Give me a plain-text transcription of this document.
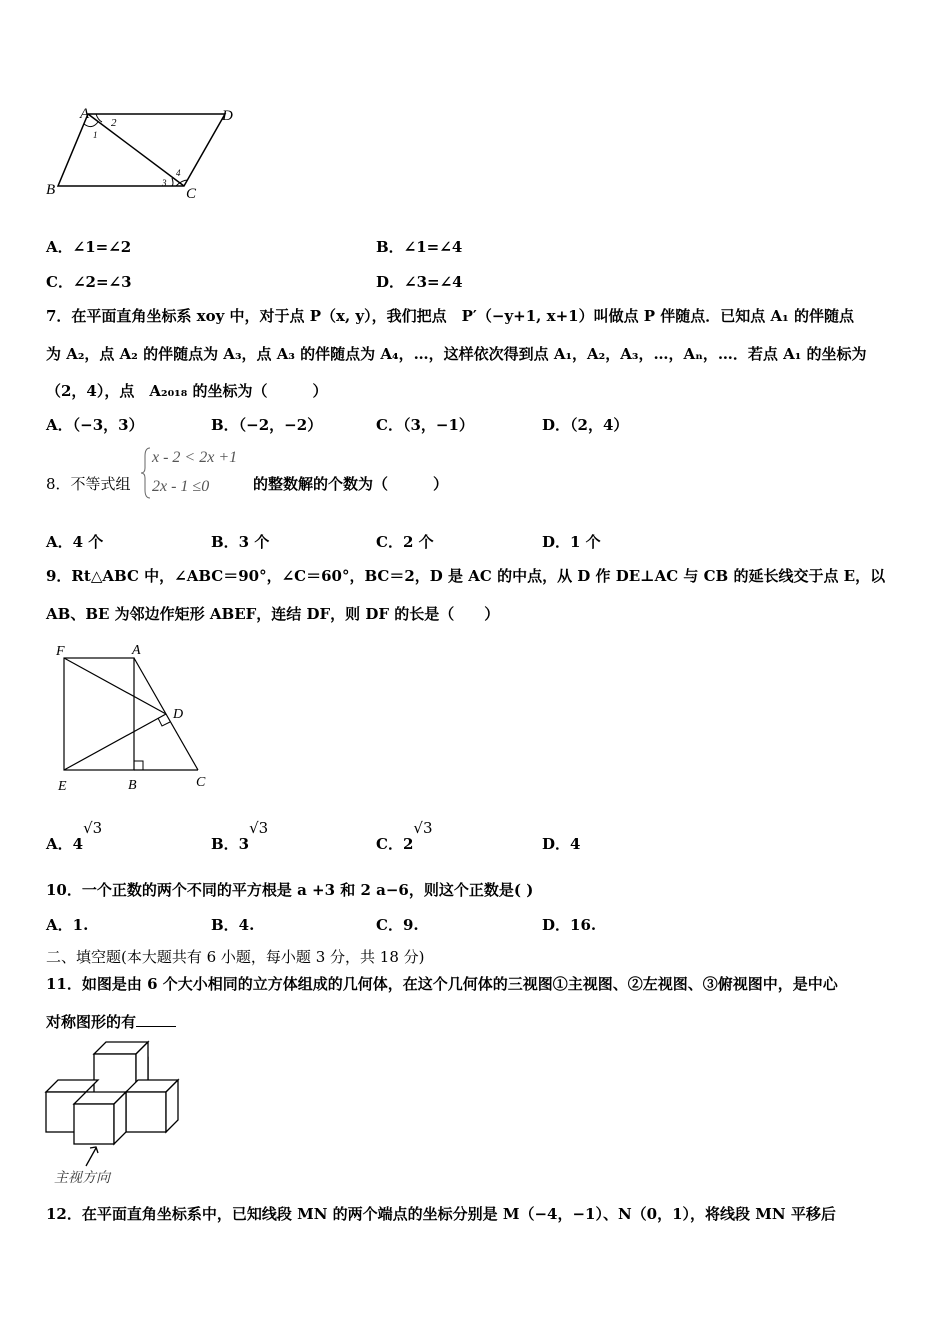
A	D
B	C
1
2
3
4
A．∠1=∠2	B．∠1=∠4
C．∠2=∠3	D．∠3=∠4
7．在平面直角坐标系 xoy 中，对于点 P（x, y），我们把点　P′（−y+1, x+1）叫做点 P 伴随点．已知点 A₁ 的伴随点
为 A₂，点 A₂ 的伴随点为 A₃，点 A₃ 的伴随点为 A₄，…，这样依次得到点 A₁，A₂，A₃，…，Aₙ，…．若点 A₁ 的坐标为
（2，4），点　A₂₀₁₈ 的坐标为（　　　）
A．（−3，3）	B．（−2，−2）	C．（3，−1）	D．（2，4）
8．不等式组
x - 2 < 2x +1
2x - 1 ≤0	的整数解的个数为（　　　）
A．4 个	B．3 个	C．2 个	D．1 个
9．Rt△ABC 中，∠ABC＝90°，∠C＝60°，BC＝2，D 是 AC 的中点，从 D 作 DE⊥AC 与 CB 的延长线交于点 E，以
AB、BE 为邻边作矩形 ABEF，连结 DF，则 DF 的长是（　　）
F	A
D
E	B	C
A．4√3
B．3√3
C．2√3
D．4
10．一个正数的两个不同的平方根是 a +3 和 2 a−6，则这个正数是( )
A．1.	B．4.	C．9.	D．16.
二、填空题(本大题共有 6 小题，每小题 3 分，共 18 分)
11．如图是由 6 个大小相同的立方体组成的几何体，在这个几何体的三视图①主视图、②左视图、③俯视图中，是中心
对称图形的有
主视方向
12．在平面直角坐标系中，已知线段 MN 的两个端点的坐标分别是 M（−4，−1）、N（0，1），将线段 MN 平移后
